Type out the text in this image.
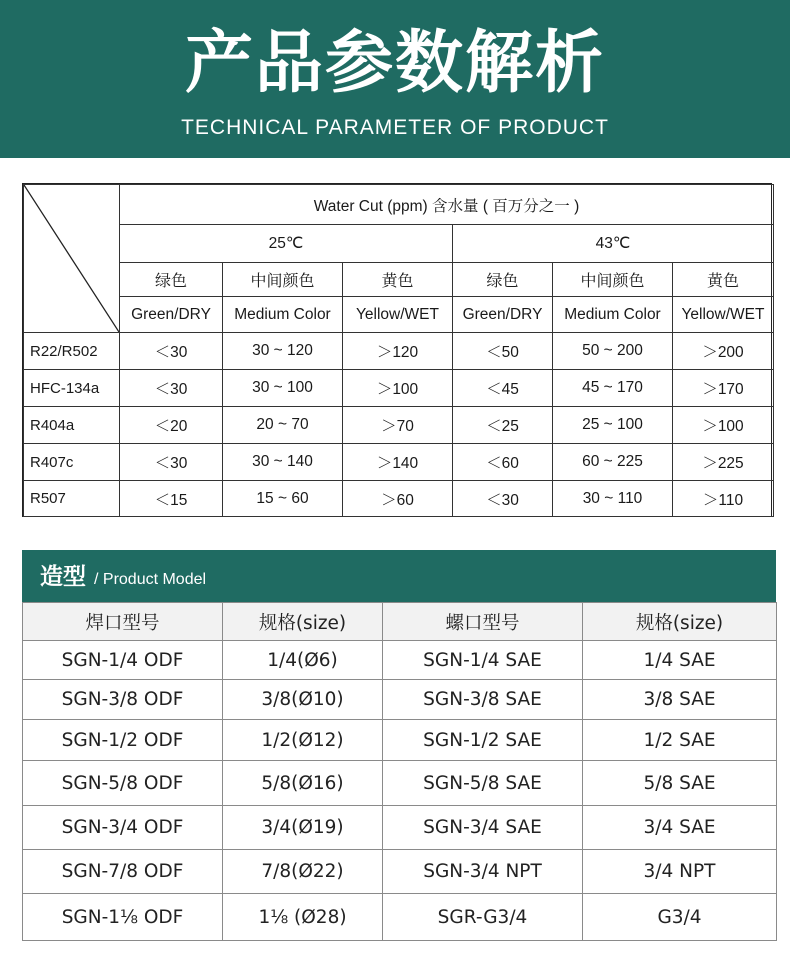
产品参数解析
TECHNICAL PARAMETER OF PRODUCT
	Water Cut (ppm) 含水量 ( 百万分之一 )					
	25℃			43℃		
	绿色	中间颜色	黄色	绿色	中间颜色	黄色
	Green/DRY	Medium Color	Yellow/WET	Green/DRY	Medium Color	Yellow/WET
R22/R502	＜30	30 ~ 120	＞120	＜50	50 ~ 200	＞200
HFC-134a	＜30	30 ~ 100	＞100	＜45	45 ~ 170	＞170
R404a	＜20	20 ~ 70	＞70	＜25	25 ~ 100	＞100
R407c	＜30	30 ~ 140	＞140	＜60	60 ~ 225	＞225
R507	＜15	15 ~ 60	＞60	＜30	30 ~ 110	＞110
造型 / Product Model
焊口型号	规格(size)	螺口型号	规格(size)
SGN-1/4 ODF	1/4(Ø6)	SGN-1/4 SAE	1/4 SAE
SGN-3/8 ODF	3/8(Ø10)	SGN-3/8 SAE	3/8 SAE
SGN-1/2 ODF	1/2(Ø12)	SGN-1/2 SAE	1/2 SAE
SGN-5/8 ODF	5/8(Ø16)	SGN-5/8 SAE	5/8 SAE
SGN-3/4 ODF	3/4(Ø19)	SGN-3/4 SAE	3/4 SAE
SGN-7/8 ODF	7/8(Ø22)	SGN-3/4 NPT	3/4 NPT
SGN-1⅛ ODF	1⅛ (Ø28)	SGR-G3/4	G3/4
